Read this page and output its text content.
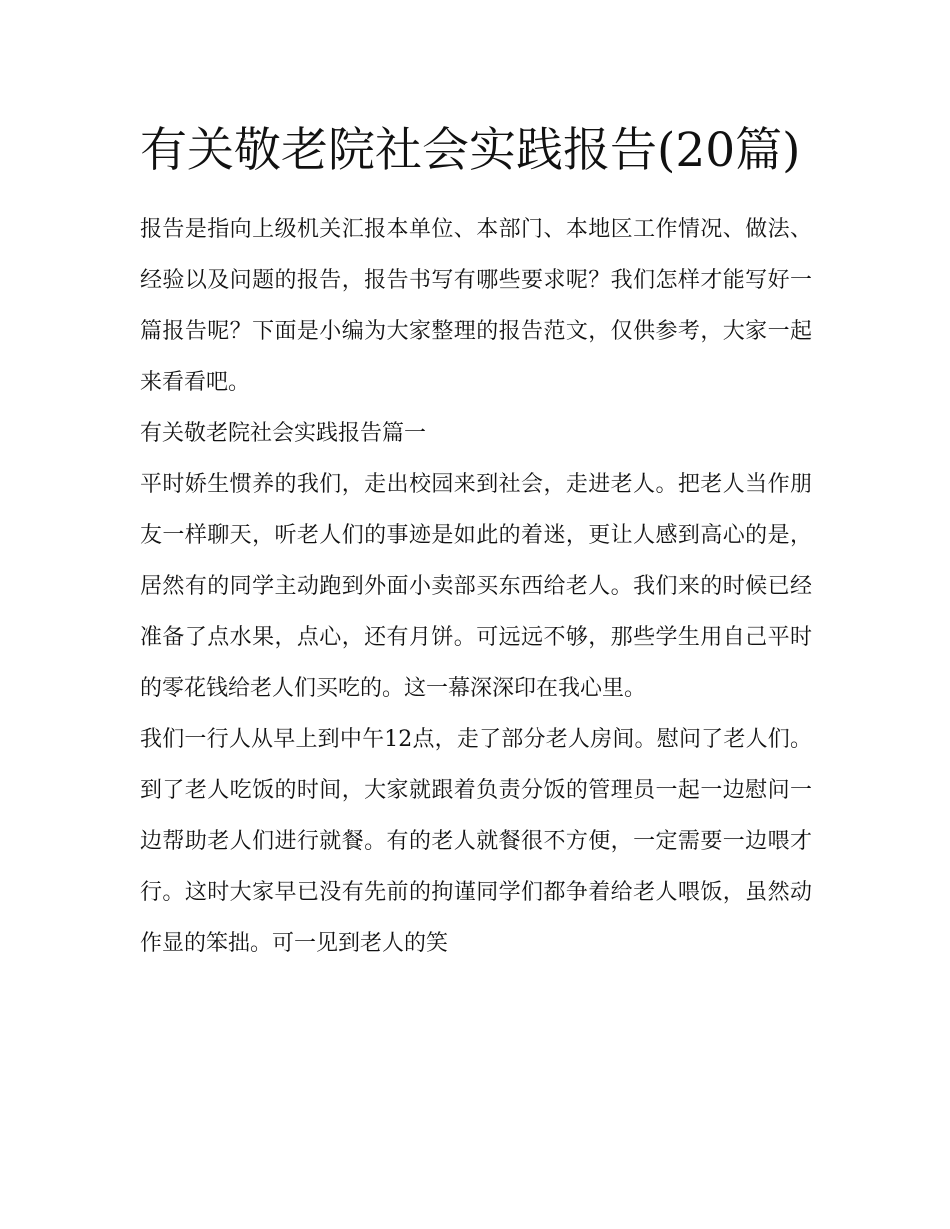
有关敬老院社会实践报告(20篇)

报告是指向上级机关汇报本单位、本部门、本地区工作情况、做法、经验以及问题的报告，报告书写有哪些要求呢？我们怎样才能写好一篇报告呢？下面是小编为大家整理的报告范文，仅供参考，大家一起来看看吧。

有关敬老院社会实践报告篇一

平时娇生惯养的我们，走出校园来到社会，走进老人。把老人当作朋友一样聊天，听老人们的事迹是如此的着迷，更让人感到高心的是，居然有的同学主动跑到外面小卖部买东西给老人。我们来的时候已经准备了点水果，点心，还有月饼。可远远不够，那些学生用自己平时的零花钱给老人们买吃的。这一幕深深印在我心里。

我们一行人从早上到中午12点，走了部分老人房间。慰问了老人们。到了老人吃饭的时间，大家就跟着负责分饭的管理员一起一边慰问一边帮助老人们进行就餐。有的老人就餐很不方便，一定需要一边喂才行。这时大家早已没有先前的拘谨同学们都争着给老人喂饭，虽然动作显的笨拙。可一见到老人的笑
